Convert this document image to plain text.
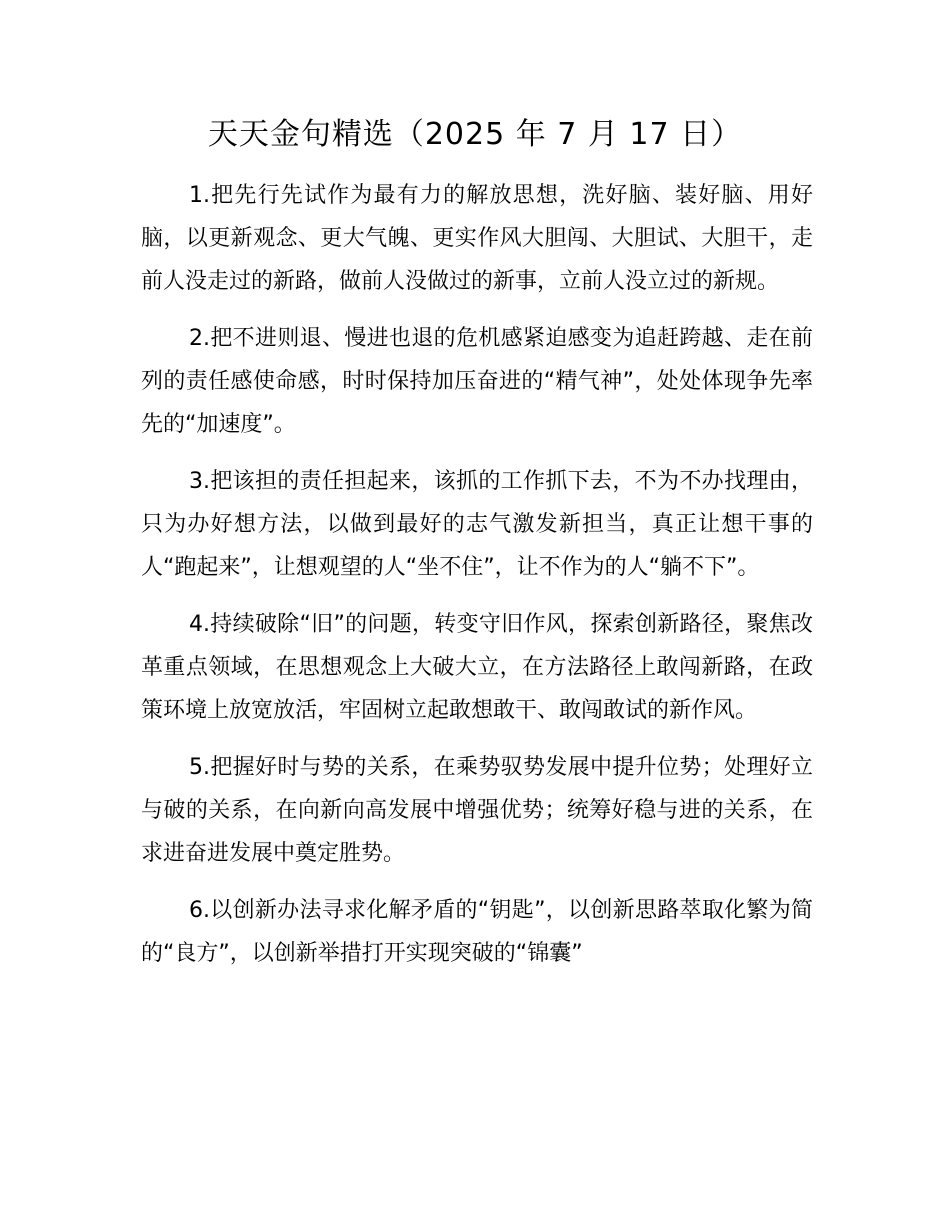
天天金句精选（2025 年 7 月 17 日）

1.把先行先试作为最有力的解放思想，洗好脑、装好脑、用好脑，以更新观念、更大气魄、更实作风大胆闯、大胆试、大胆干，走前人没走过的新路，做前人没做过的新事，立前人没立过的新规。

2.把不进则退、慢进也退的危机感紧迫感变为追赶跨越、走在前列的责任感使命感，时时保持加压奋进的“精气神”，处处体现争先率先的“加速度”。

3.把该担的责任担起来，该抓的工作抓下去，不为不办找理由，只为办好想方法，以做到最好的志气激发新担当，真正让想干事的人“跑起来”，让想观望的人“坐不住”，让不作为的人“躺不下”。

4.持续破除“旧”的问题，转变守旧作风，探索创新路径，聚焦改革重点领域，在思想观念上大破大立，在方法路径上敢闯新路，在政策环境上放宽放活，牢固树立起敢想敢干、敢闯敢试的新作风。

5.把握好时与势的关系，在乘势驭势发展中提升位势；处理好立与破的关系，在向新向高发展中增强优势；统筹好稳与进的关系，在求进奋进发展中奠定胜势。

6.以创新办法寻求化解矛盾的“钥匙”，以创新思路萃取化繁为简的“良方”，以创新举措打开实现突破的“锦囊”
